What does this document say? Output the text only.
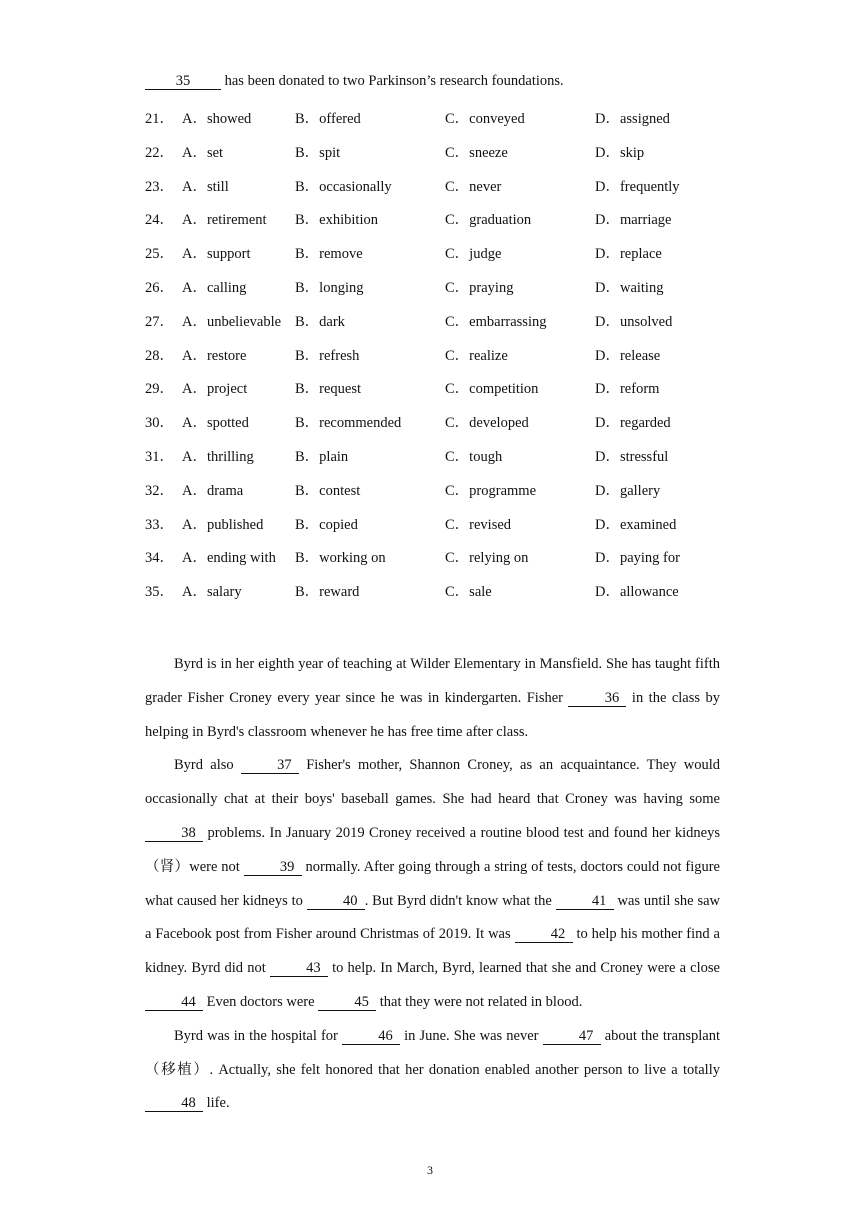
35 has been donated to two Parkinson’s research foundations.
21． A．showed	B．offered	C．conveyed	D．assigned
22． A．set	B．spit	C．sneeze	D．skip
23． A．still	B．occasionally	C．never	D．frequently
24． A．retirement B．exhibition	C．graduation	D．marriage
25． A．support	B．remove	C．judge	D．replace
26． A．calling	B．longing	C．praying	D．waiting
27． A．unbelievable B．dark	C．embarrassing	D．unsolved
28． A．restore	B．refresh	C．realize	D．release
29． A．project	B．request	C．competition	D．reform
30． A．spotted	B．recommended	C．developed	D．regarded
31． A．thrilling	B．plain	C．tough	D．stressful
32． A．drama	B．contest	C．programme	D．gallery
33． A．published B．copied	C．revised	D．examined
34． A．ending with B．working on	C．relying on	D．paying for
35． A．salary	B．reward	C．sale	D．allowance

Byrd is in her eighth year of teaching at Wilder Elementary in Mansfield. She has taught fifth grader Fisher Croney every year since he was in kindergarten. Fisher	36 in the class by helping in Byrd's classroom whenever he has free time after class.

Byrd also	37 Fisher's mother, Shannon Croney, as an acquaintance. They would occasionally chat at their boys' baseball games. She had heard that Croney was having some 38 problems. In January 2019 Croney received a routine blood test and found her kidneys （肾）were not	39 normally. After going through a string of tests, doctors could not figure what caused her kidneys to	40 . But Byrd didn't know what the	41 was until she saw a Facebook post from Fisher around Christmas of 2019. It was	42 to help his mother find a kidney. Byrd did not	43 to help. In March, Byrd, learned that she and Croney were a close 44 Even doctors were	45 that they were not related in blood.

Byrd was in the hospital for	46 in June. She was never	47 about the transplant（移植）. Actually, she felt honored that her donation enabled another person to live a totally 48 life.

3
